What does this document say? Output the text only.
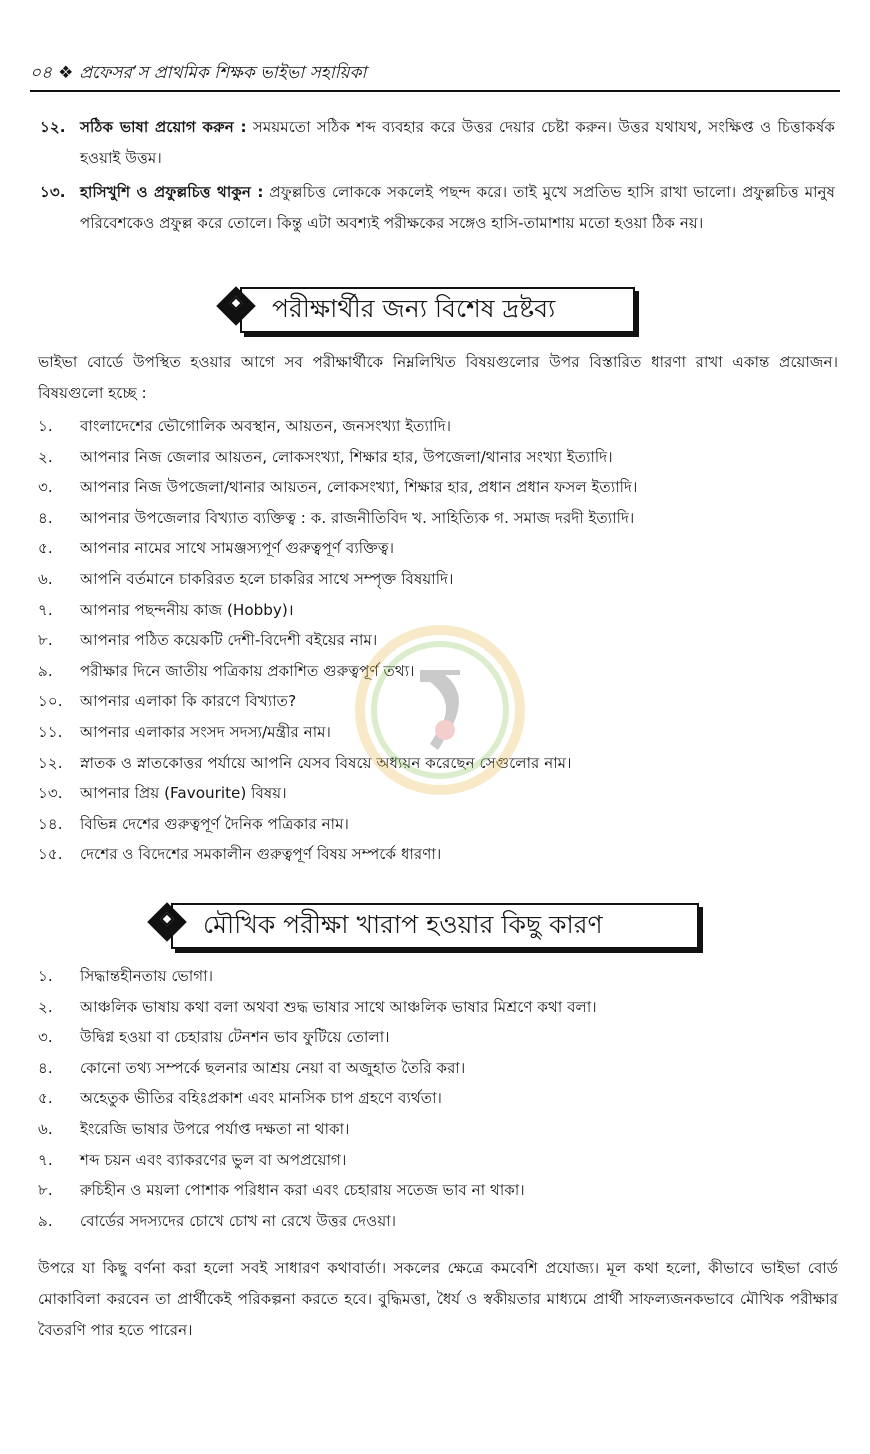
০৪ ❖ প্রফেসর’স প্রাথমিক শিক্ষক ভাইভা সহায়িকা
১২. সঠিক ভাষা প্রয়োগ করুন : সময়মতো সঠিক শব্দ ব্যবহার করে উত্তর দেয়ার চেষ্টা করুন। উত্তর যথাযথ, সংক্ষিপ্ত ও চিত্তাকর্ষক হওয়াই উত্তম।
১৩. হাসিখুশি ও প্রফুল্লচিত্ত থাকুন : প্রফুল্লচিত্ত লোককে সকলেই পছন্দ করে। তাই মুখে সপ্রতিভ হাসি রাখা ভালো। প্রফুল্লচিত্ত মানুষ পরিবেশকেও প্রফুল্ল করে তোলে। কিন্তু এটা অবশ্যই পরীক্ষকের সঙ্গেও হাসি-তামাশায় মতো হওয়া ঠিক নয়।
পরীক্ষার্থীর জন্য বিশেষ দ্রষ্টব্য
ভাইভা বোর্ডে উপস্থিত হওয়ার আগে সব পরীক্ষার্থীকে নিম্নলিখিত বিষয়গুলোর উপর বিস্তারিত ধারণা রাখা একান্ত প্রয়োজন। বিষয়গুলো হচ্ছে :
১. বাংলাদেশের ভৌগোলিক অবস্থান, আয়তন, জনসংখ্যা ইত্যাদি।
২. আপনার নিজ জেলার আয়তন, লোকসংখ্যা, শিক্ষার হার, উপজেলা/থানার সংখ্যা ইত্যাদি।
৩. আপনার নিজ উপজেলা/থানার আয়তন, লোকসংখ্যা, শিক্ষার হার, প্রধান প্রধান ফসল ইত্যাদি।
৪. আপনার উপজেলার বিখ্যাত ব্যক্তিত্ব : ক. রাজনীতিবিদ খ. সাহিত্যিক গ. সমাজ দরদী ইত্যাদি।
৫. আপনার নামের সাথে সামঞ্জস্যপূর্ণ গুরুত্বপূর্ণ ব্যক্তিত্ব।
৬. আপনি বর্তমানে চাকরিরত হলে চাকরির সাথে সম্পৃক্ত বিষয়াদি।
৭. আপনার পছন্দনীয় কাজ (Hobby)।
৮. আপনার পঠিত কয়েকটি দেশী-বিদেশী বইয়ের নাম।
৯. পরীক্ষার দিনে জাতীয় পত্রিকায় প্রকাশিত গুরুত্বপূর্ণ তথ্য।
১০. আপনার এলাকা কি কারণে বিখ্যাত?
১১. আপনার এলাকার সংসদ সদস্য/মন্ত্রীর নাম।
১২. স্নাতক ও স্নাতকোত্তর পর্যায়ে আপনি যেসব বিষয়ে অধ্যয়ন করেছেন সেগুলোর নাম।
১৩. আপনার প্রিয় (Favourite) বিষয়।
১৪. বিভিন্ন দেশের গুরুত্বপূর্ণ দৈনিক পত্রিকার নাম।
১৫. দেশের ও বিদেশের সমকালীন গুরুত্বপূর্ণ বিষয় সম্পর্কে ধারণা।
মৌখিক পরীক্ষা খারাপ হওয়ার কিছু কারণ
১. সিদ্ধান্তহীনতায় ভোগা।
২. আঞ্চলিক ভাষায় কথা বলা অথবা শুদ্ধ ভাষার সাথে আঞ্চলিক ভাষার মিশ্রণে কথা বলা।
৩. উদ্বিগ্ন হওয়া বা চেহারায় টেনশন ভাব ফুটিয়ে তোলা।
৪. কোনো তথ্য সম্পর্কে ছলনার আশ্রয় নেয়া বা অজুহাত তৈরি করা।
৫. অহেতুক ভীতির বহিঃপ্রকাশ এবং মানসিক চাপ গ্রহণে ব্যর্থতা।
৬. ইংরেজি ভাষার উপরে পর্যাপ্ত দক্ষতা না থাকা।
৭. শব্দ চয়ন এবং ব্যাকরণের ভুল বা অপপ্রয়োগ।
৮. রুচিহীন ও ময়লা পোশাক পরিধান করা এবং চেহারায় সতেজ ভাব না থাকা।
৯. বোর্ডের সদস্যদের চোখে চোখ না রেখে উত্তর দেওয়া।
উপরে যা কিছু বর্ণনা করা হলো সবই সাধারণ কথাবার্তা। সকলের ক্ষেত্রে কমবেশি প্রযোজ্য। মূল কথা হলো, কীভাবে ভাইভা বোর্ড মোকাবিলা করবেন তা প্রার্থীকেই পরিকল্পনা করতে হবে। বুদ্ধিমত্তা, ধৈর্য ও স্বকীয়তার মাধ্যমে প্রার্থী সাফল্যজনকভাবে মৌখিক পরীক্ষার বৈতরণি পার হতে পারেন।
